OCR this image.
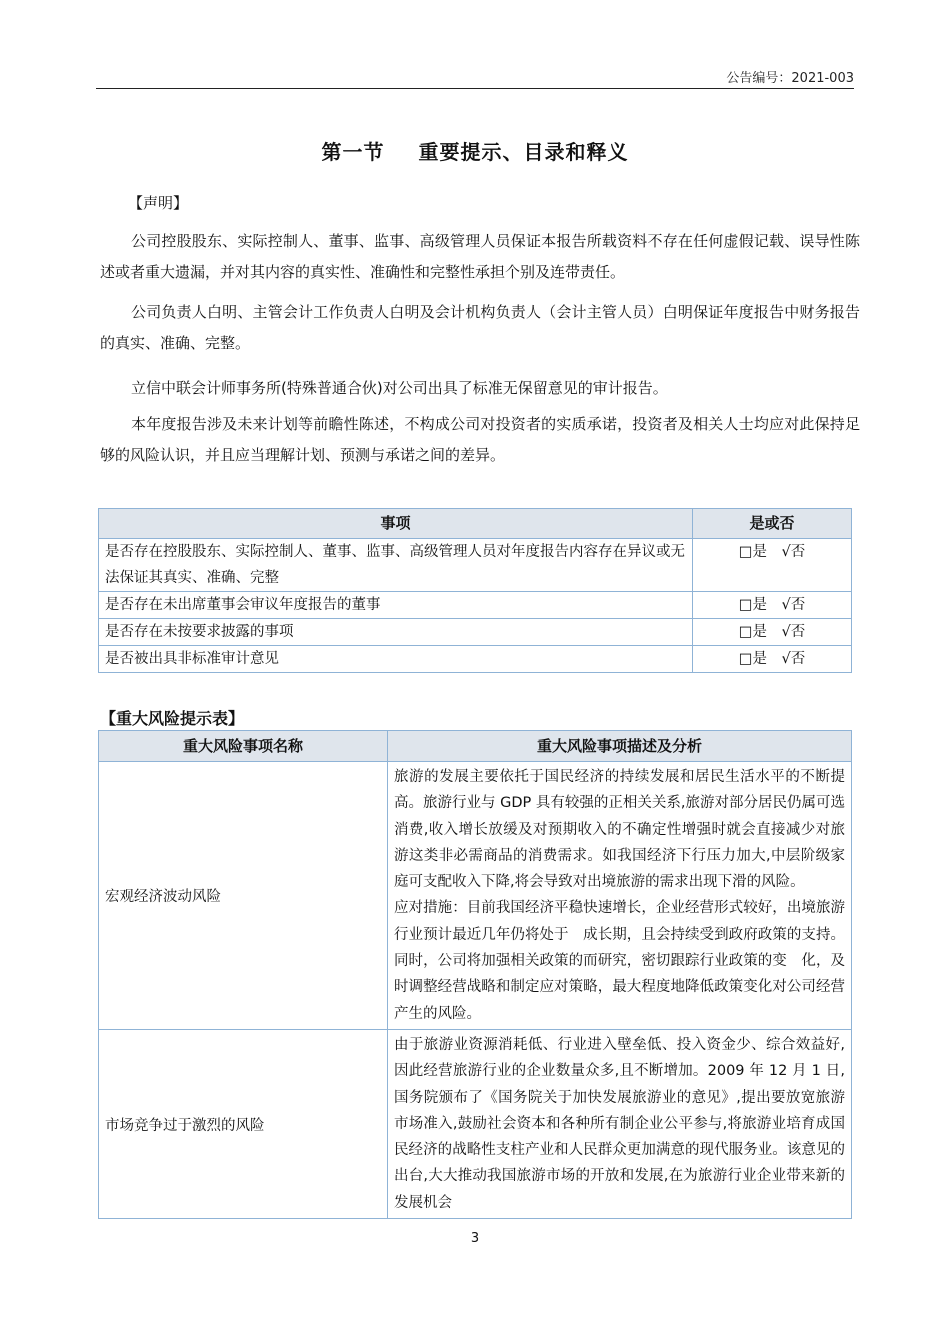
公告编号：2021-003
第一节 重要提示、目录和释义
【声明】

公司控股股东、实际控制人、董事、监事、高级管理人员保证本报告所载资料不存在任何虚假记载、误导性陈述或者重大遗漏，并对其内容的真实性、准确性和完整性承担个别及连带责任。

公司负责人白明、主管会计工作负责人白明及会计机构负责人（会计主管人员）白明保证年度报告中财务报告的真实、准确、完整。

立信中联会计师事务所(特殊普通合伙)对公司出具了标准无保留意见的审计报告。

本年度报告涉及未来计划等前瞻性陈述，不构成公司对投资者的实质承诺，投资者及相关人士均应对此保持足够的风险认识，并且应当理解计划、预测与承诺之间的差异。

事项	是或否
是否存在控股股东、实际控制人、董事、监事、高级管理人员对年度报告内容存在异议或无法保证其真实、准确、完整	□是　√否
是否存在未出席董事会审议年度报告的董事	□是　√否
是否存在未按要求披露的事项	□是　√否
是否被出具非标准审计意见	□是　√否
【重大风险提示表】
重大风险事项名称	重大风险事项描述及分析
宏观经济波动风险	旅游的发展主要依托于国民经济的持续发展和居民生活水平的不断提高。旅游行业与 GDP 具有较强的正相关关系,旅游对部分居民仍属可选消费,收入增长放缓及对预期收入的不确定性增强时就会直接减少对旅游这类非必需商品的消费需求。如我国经济下行压力加大,中层阶级家庭可支配收入下降,将会导致对出境旅游的需求出现下滑的风险。
应对措施：目前我国经济平稳快速增长，企业经营形式较好，出境旅游行业预计最近几年仍将处于　成长期，且会持续受到政府政策的支持。同时，公司将加强相关政策的而研究，密切跟踪行业政策的变　化，及时调整经营战略和制定应对策略，最大程度地降低政策变化对公司经营产生的风险。

市场竞争过于激烈的风险	由于旅游业资源消耗低、行业进入壁垒低、投入资金少、综合效益好,因此经营旅游行业的企业数量众多,且不断增加。2009 年 12 月 1 日,国务院颁布了《国务院关于加快发展旅游业的意见》,提出要放宽旅游市场准入,鼓励社会资本和各种所有制企业公平参与,将旅游业培育成国民经济的战略性支柱产业和人民群众更加满意的现代服务业。该意见的出台,大大推动我国旅游市场的开放和发展,在为旅游行业企业带来新的发展机会
3
